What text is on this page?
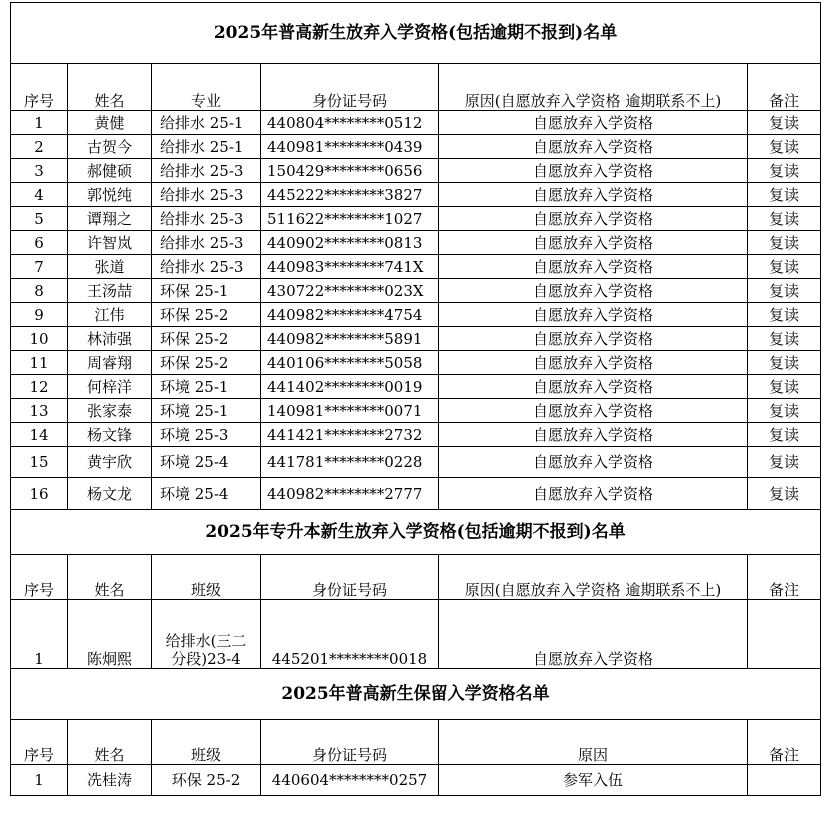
2025年普高新生放弃入学资格(包括逾期不报到)名单					
序号	姓名	专业	身份证号码	原因(自愿放弃入学资格 逾期联系不上)	备注
1	黄健	给排水 25-1	440804********0512	自愿放弃入学资格	复读
2	古贺今	给排水 25-1	440981********0439	自愿放弃入学资格	复读
3	郝健硕	给排水 25-3	150429********0656	自愿放弃入学资格	复读
4	郭悦纯	给排水 25-3	445222********3827	自愿放弃入学资格	复读
5	谭翔之	给排水 25-3	511622********1027	自愿放弃入学资格	复读
6	许智岚	给排水 25-3	440902********0813	自愿放弃入学资格	复读
7	张道	给排水 25-3	440983********741X	自愿放弃入学资格	复读
8	王汤喆	环保 25-1	430722********023X	自愿放弃入学资格	复读
9	江伟	环保 25-2	440982********4754	自愿放弃入学资格	复读
10	林沛强	环保 25-2	440982********5891	自愿放弃入学资格	复读
11	周睿翔	环保 25-2	440106********5058	自愿放弃入学资格	复读
12	何梓洋	环境 25-1	441402********0019	自愿放弃入学资格	复读
13	张家泰	环境 25-1	140981********0071	自愿放弃入学资格	复读
14	杨文锋	环境 25-3	441421********2732	自愿放弃入学资格	复读
15	黄宇欣	环境 25-4	441781********0228	自愿放弃入学资格	复读
16	杨文龙	环境 25-4	440982********2777	自愿放弃入学资格	复读
2025年专升本新生放弃入学资格(包括逾期不报到)名单					
序号	姓名	班级	身份证号码	原因(自愿放弃入学资格 逾期联系不上)	备注
1	陈炯熙	给排水(三二分段)23-4	445201********0018	自愿放弃入学资格	
2025年普高新生保留入学资格名单					
序号	姓名	班级	身份证号码	原因	备注
1	冼桂涛	环保 25-2	440604********0257	参军入伍	
